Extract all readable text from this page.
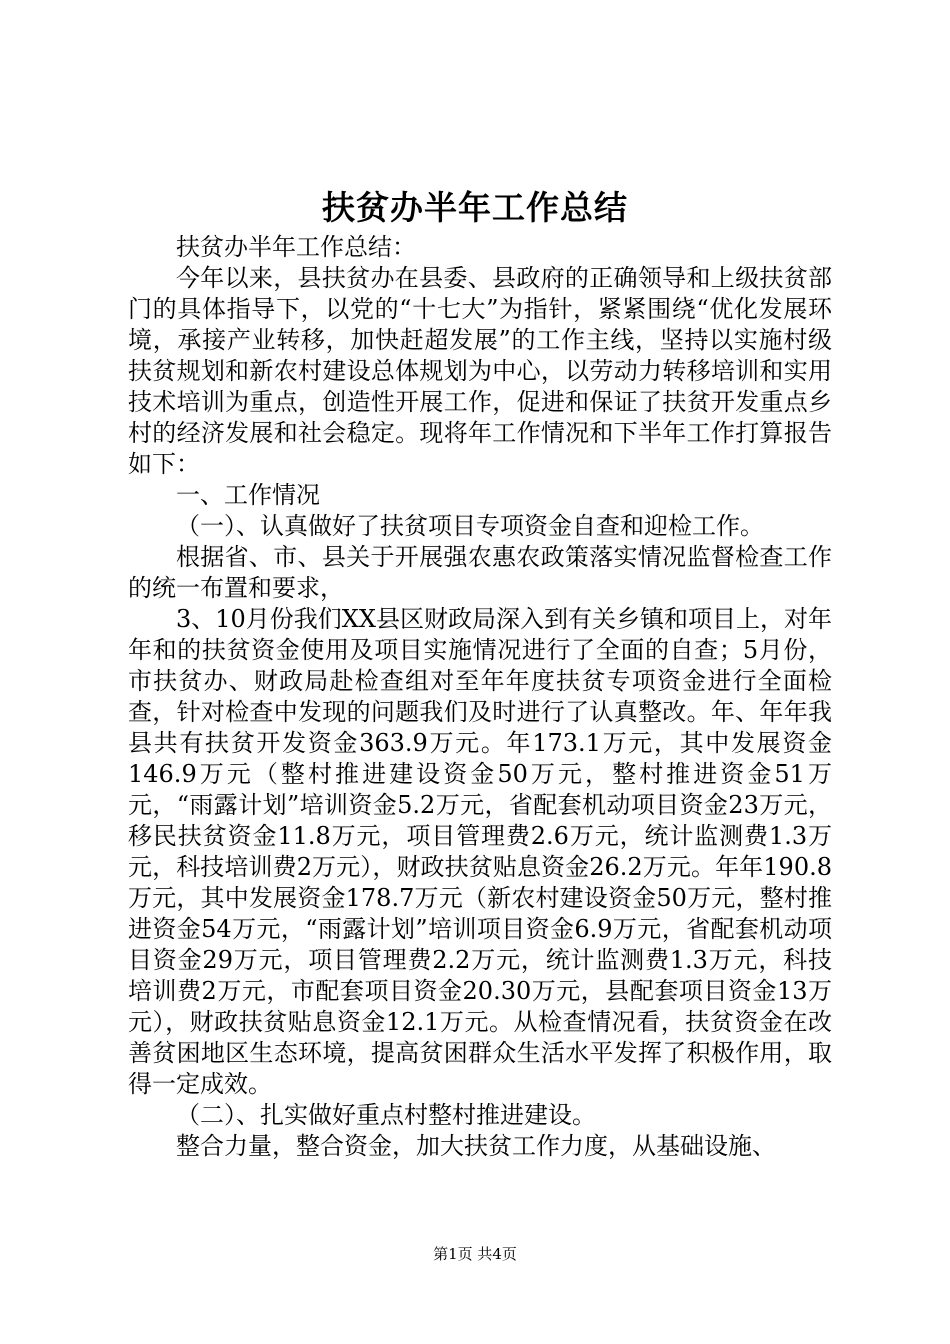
扶贫办半年工作总结

扶贫办半年工作总结：

今年以来，县扶贫办在县委、县政府的正确领导和上级扶贫部门的具体指导下，以党的“十七大”为指针，紧紧围绕“优化发展环境，承接产业转移，加快赶超发展”的工作主线，坚持以实施村级扶贫规划和新农村建设总体规划为中心，以劳动力转移培训和实用技术培训为重点，创造性开展工作，促进和保证了扶贫开发重点乡村的经济发展和社会稳定。现将年工作情况和下半年工作打算报告如下：

一、工作情况

（一）、认真做好了扶贫项目专项资金自查和迎检工作。

根据省、市、县关于开展强农惠农政策落实情况监督检查工作的统一布置和要求，

3、10月份我们XX县区财政局深入到有关乡镇和项目上，对年年和的扶贫资金使用及项目实施情况进行了全面的自查；5月份，市扶贫办、财政局赴检查组对至年年度扶贫专项资金进行全面检查，针对检查中发现的问题我们及时进行了认真整改。年、年年我县共有扶贫开发资金363.9万元。年173.1万元，其中发展资金146.9万元（整村推进建设资金50万元，整村推进资金51万元，“雨露计划”培训资金5.2万元，省配套机动项目资金23万元，移民扶贫资金11.8万元，项目管理费2.6万元，统计监测费1.3万元，科技培训费2万元），财政扶贫贴息资金26.2万元。年年190.8万元，其中发展资金178.7万元（新农村建设资金50万元，整村推进资金54万元，“雨露计划”培训项目资金6.9万元，省配套机动项目资金29万元，项目管理费2.2万元，统计监测费1.3万元，科技培训费2万元，市配套项目资金20.30万元，县配套项目资金13万元），财政扶贫贴息资金12.1万元。从检查情况看，扶贫资金在改善贫困地区生态环境，提高贫困群众生活水平发挥了积极作用，取得一定成效。

（二）、扎实做好重点村整村推进建设。

整合力量，整合资金，加大扶贫工作力度，从基础设施、

第1页 共4页
